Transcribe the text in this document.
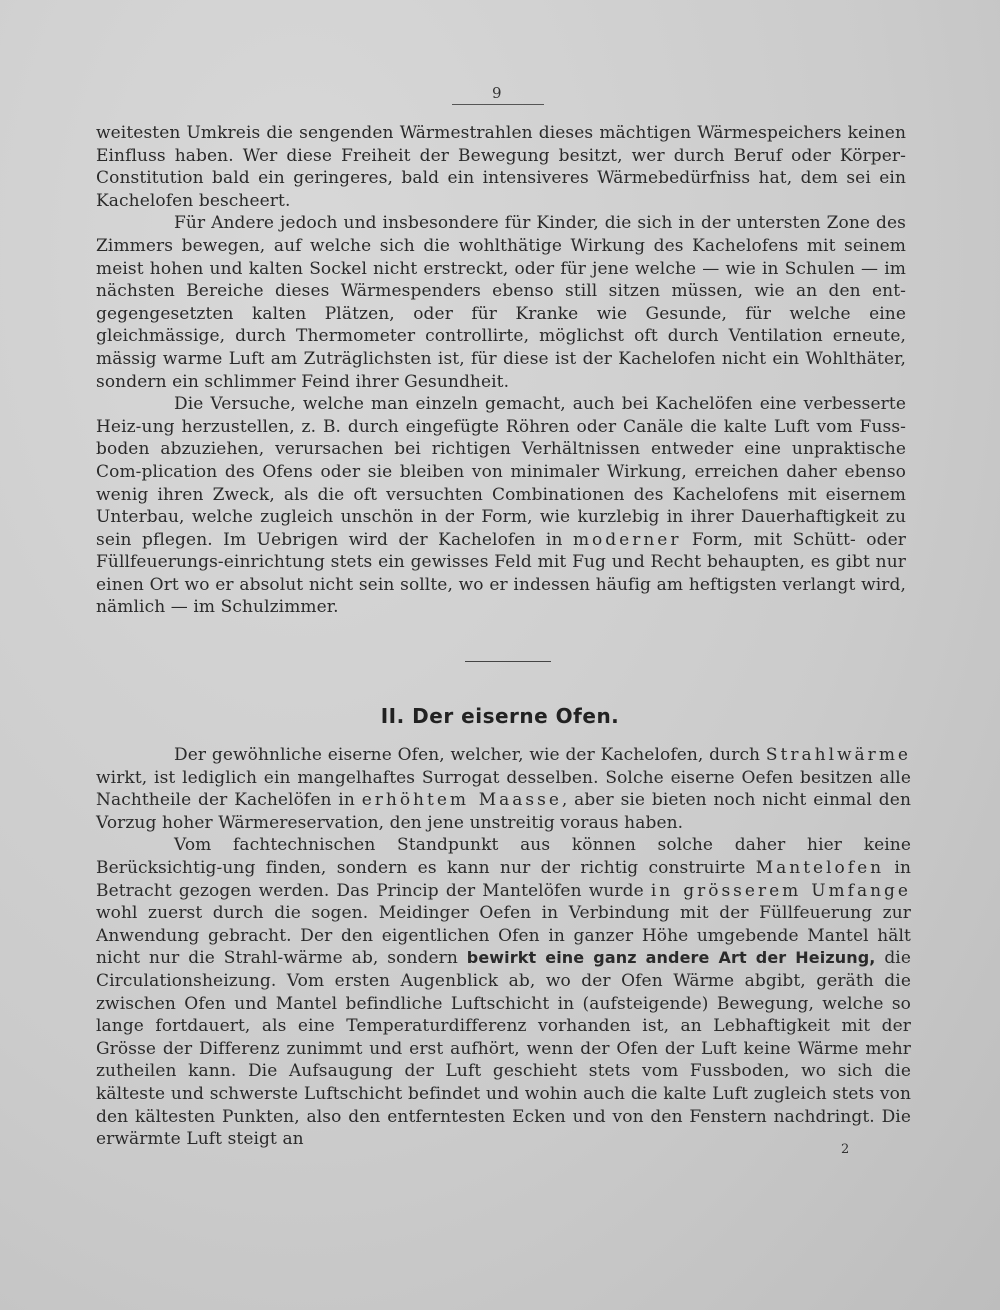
9

weitesten Umkreis die sengenden Wärmestrahlen dieses mächtigen Wärmespeichers keinen Einfluss haben. Wer diese Freiheit der Bewegung besitzt, wer durch Beruf oder Körper-Constitution bald ein geringeres, bald ein intensiveres Wärmebedürfniss hat, dem sei ein Kachelofen bescheert.

Für Andere jedoch und insbesondere für Kinder, die sich in der untersten Zone des Zimmers bewegen, auf welche sich die wohlthätige Wirkung des Kachelofens mit seinem meist hohen und kalten Sockel nicht erstreckt, oder für jene welche — wie in Schulen — im nächsten Bereiche dieses Wärmespenders ebenso still sitzen müssen, wie an den ent-gegengesetzten kalten Plätzen, oder für Kranke wie Gesunde, für welche eine gleichmässige, durch Thermometer controllirte, möglichst oft durch Ventilation erneute, mässig warme Luft am Zuträglichsten ist, für diese ist der Kachelofen nicht ein Wohlthäter, sondern ein schlimmer Feind ihrer Gesundheit.

Die Versuche, welche man einzeln gemacht, auch bei Kachelöfen eine verbesserte Heiz-ung herzustellen, z. B. durch eingefügte Röhren oder Canäle die kalte Luft vom Fuss-boden abzuziehen, verursachen bei richtigen Verhältnissen entweder eine unpraktische Com-plication des Ofens oder sie bleiben von minimaler Wirkung, erreichen daher ebenso wenig ihren Zweck, als die oft versuchten Combinationen des Kachelofens mit eisernem Unterbau, welche zugleich unschön in der Form, wie kurzlebig in ihrer Dauerhaftigkeit zu sein pflegen. Im Uebrigen wird der Kachelofen in moderner Form, mit Schütt- oder Füllfeuerungs-einrichtung stets ein gewisses Feld mit Fug und Recht behaupten, es gibt nur einen Ort wo er absolut nicht sein sollte, wo er indessen häufig am heftigsten verlangt wird, nämlich — im Schulzimmer.

II. Der eiserne Ofen.

Der gewöhnliche eiserne Ofen, welcher, wie der Kachelofen, durch Strahlwärme wirkt, ist lediglich ein mangelhaftes Surrogat desselben. Solche eiserne Oefen besitzen alle Nachtheile der Kachelöfen in erhöhtem Maasse, aber sie bieten noch nicht einmal den Vorzug hoher Wärmereservation, den jene unstreitig voraus haben.

Vom fachtechnischen Standpunkt aus können solche daher hier keine Berücksichtig-ung finden, sondern es kann nur der richtig construirte Mantelofen in Betracht gezogen werden. Das Princip der Mantelöfen wurde in grösserem Umfange wohl zuerst durch die sogen. Meidinger Oefen in Verbindung mit der Füllfeuerung zur Anwendung gebracht. Der den eigentlichen Ofen in ganzer Höhe umgebende Mantel hält nicht nur die Strahl-wärme ab, sondern bewirkt eine ganz andere Art der Heizung, die Circulationsheizung. Vom ersten Augenblick ab, wo der Ofen Wärme abgibt, geräth die zwischen Ofen und Mantel befindliche Luftschicht in (aufsteigende) Bewegung, welche so lange fortdauert, als eine Temperaturdifferenz vorhanden ist, an Lebhaftigkeit mit der Grösse der Differenz zunimmt und erst aufhört, wenn der Ofen der Luft keine Wärme mehr zutheilen kann. Die Aufsaugung der Luft geschieht stets vom Fussboden, wo sich die kälteste und schwerste Luftschicht befindet und wohin auch die kalte Luft zugleich stets von den kältesten Punkten, also den entferntesten Ecken und von den Fenstern nachdringt. Die erwärmte Luft steigt an

2
